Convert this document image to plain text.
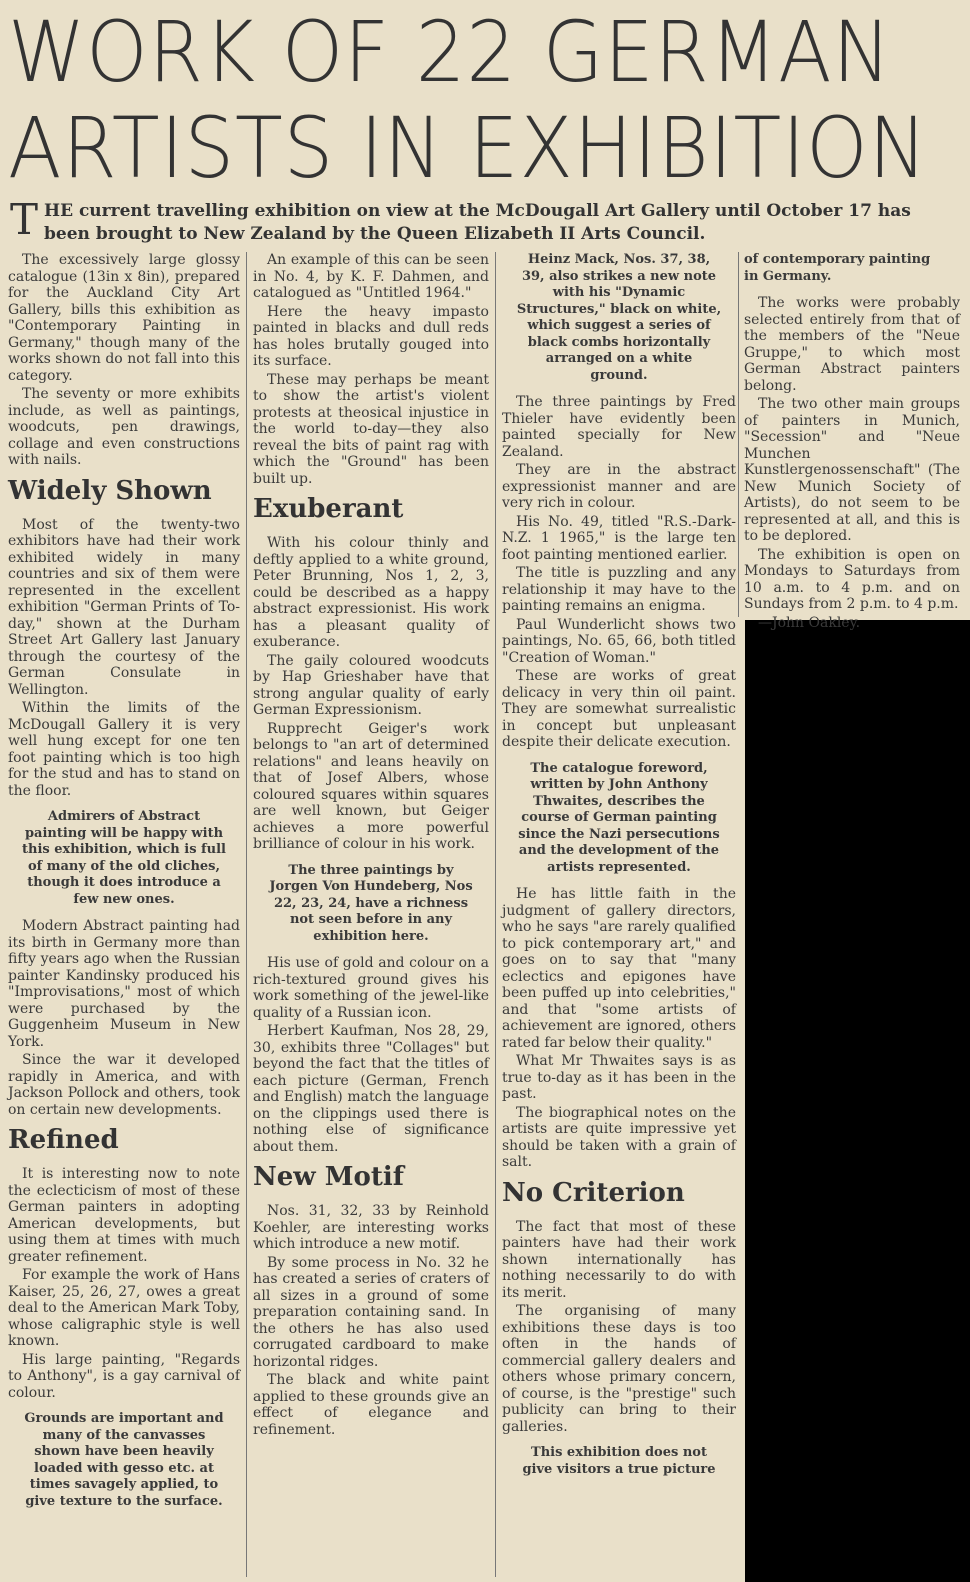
WORK OF 22 GERMAN
ARTISTS IN EXHIBITION
T HE current travelling exhibition on view at the McDougall Art Gallery until October 17 has been brought to New Zealand by the Queen Elizabeth II Arts Council.

The excessively large glossy catalogue (13in x 8in), prepared for the Auckland City Art Gallery, bills this exhibition as "Contemporary Painting in Germany," though many of the works shown do not fall into this category.

The seventy or more exhibits include, as well as paintings, woodcuts, pen drawings, collage and even constructions with nails.

Widely Shown

Most of the twenty-two exhibitors have had their work exhibited widely in many countries and six of them were represented in the excellent exhibition "German Prints of To-day," shown at the Durham Street Art Gallery last January through the courtesy of the German Consulate in Wellington.

Within the limits of the McDougall Gallery it is very well hung except for one ten foot painting which is too high for the stud and has to stand on the floor.

Admirers of Abstract painting will be happy with this exhibition, which is full of many of the old cliches, though it does introduce a few new ones.

Modern Abstract painting had its birth in Germany more than fifty years ago when the Russian painter Kandinsky produced his "Improvisations," most of which were purchased by the Guggenheim Museum in New York.

Since the war it developed rapidly in America, and with Jackson Pollock and others, took on certain new developments.

Refined

It is interesting now to note the eclecticism of most of these German painters in adopting American developments, but using them at times with much greater refinement.

For example the work of Hans Kaiser, 25, 26, 27, owes a great deal to the American Mark Toby, whose caligraphic style is well known.

His large painting, "Regards to Anthony", is a gay carnival of colour.

Grounds are important and many of the canvasses shown have been heavily loaded with gesso etc. at times savagely applied, to give texture to the surface.

An example of this can be seen in No. 4, by K. F. Dahmen, and catalogued as "Untitled 1964."

Here the heavy impasto painted in blacks and dull reds has holes brutally gouged into its surface.

These may perhaps be meant to show the artist's violent protests at theosical injustice in the world to-day—they also reveal the bits of paint rag with which the "Ground" has been built up.

Exuberant

With his colour thinly and deftly applied to a white ground, Peter Brunning, Nos 1, 2, 3, could be described as a happy abstract expressionist. His work has a pleasant quality of exuberance.

The gaily coloured woodcuts by Hap Grieshaber have that strong angular quality of early German Expressionism.

Rupprecht Geiger's work belongs to "an art of determined relations" and leans heavily on that of Josef Albers, whose coloured squares within squares are well known, but Geiger achieves a more powerful brilliance of colour in his work.

The three paintings by Jorgen Von Hundeberg, Nos 22, 23, 24, have a richness not seen before in any exhibition here.

His use of gold and colour on a rich-textured ground gives his work something of the jewel-like quality of a Russian icon.

Herbert Kaufman, Nos 28, 29, 30, exhibits three "Collages" but beyond the fact that the titles of each picture (German, French and English) match the language on the clippings used there is nothing else of significance about them.

New Motif

Nos. 31, 32, 33 by Reinhold Koehler, are interesting works which introduce a new motif.

By some process in No. 32 he has created a series of craters of all sizes in a ground of some preparation containing sand. In the others he has also used corrugated cardboard to make horizontal ridges.

The black and white paint applied to these grounds give an effect of elegance and refinement.

Heinz Mack, Nos. 37, 38, 39, also strikes a new note with his "Dynamic Structures," black on white, which suggest a series of black combs horizontally arranged on a white ground.

The three paintings by Fred Thieler have evidently been painted specially for New Zealand.

They are in the abstract expressionist manner and are very rich in colour.

His No. 49, titled "R.S.-Dark-N.Z. 1 1965," is the large ten foot painting mentioned earlier.

The title is puzzling and any relationship it may have to the painting remains an enigma.

Paul Wunderlicht shows two paintings, No. 65, 66, both titled "Creation of Woman."

These are works of great delicacy in very thin oil paint. They are somewhat surrealistic in concept but unpleasant despite their delicate execution.

The catalogue foreword, written by John Anthony Thwaites, describes the course of German painting since the Nazi persecutions and the development of the artists represented.

He has little faith in the judgment of gallery directors, who he says "are rarely qualified to pick contemporary art," and goes on to say that "many eclectics and epigones have been puffed up into celebrities," and that "some artists of achievement are ignored, others rated far below their quality."

What Mr Thwaites says is as true to-day as it has been in the past.

The biographical notes on the artists are quite impressive yet should be taken with a grain of salt.

No Criterion

The fact that most of these painters have had their work shown internationally has nothing necessarily to do with its merit.

The organising of many exhibitions these days is too often in the hands of commercial gallery dealers and others whose primary concern, of course, is the "prestige" such publicity can bring to their galleries.

This exhibition does not give visitors a true picture

of contemporary painting in Germany.

The works were probably selected entirely from that of the members of the "Neue Gruppe," to which most German Abstract painters belong.

The two other main groups of painters in Munich, "Secession" and "Neue Munchen Kunstlergenossenschaft" (The New Munich Society of Artists), do not seem to be represented at all, and this is to be deplored.

The exhibition is open on Mondays to Saturdays from 10 a.m. to 4 p.m. and on Sundays from 2 p.m. to 4 p.m.

—John Oakley.
